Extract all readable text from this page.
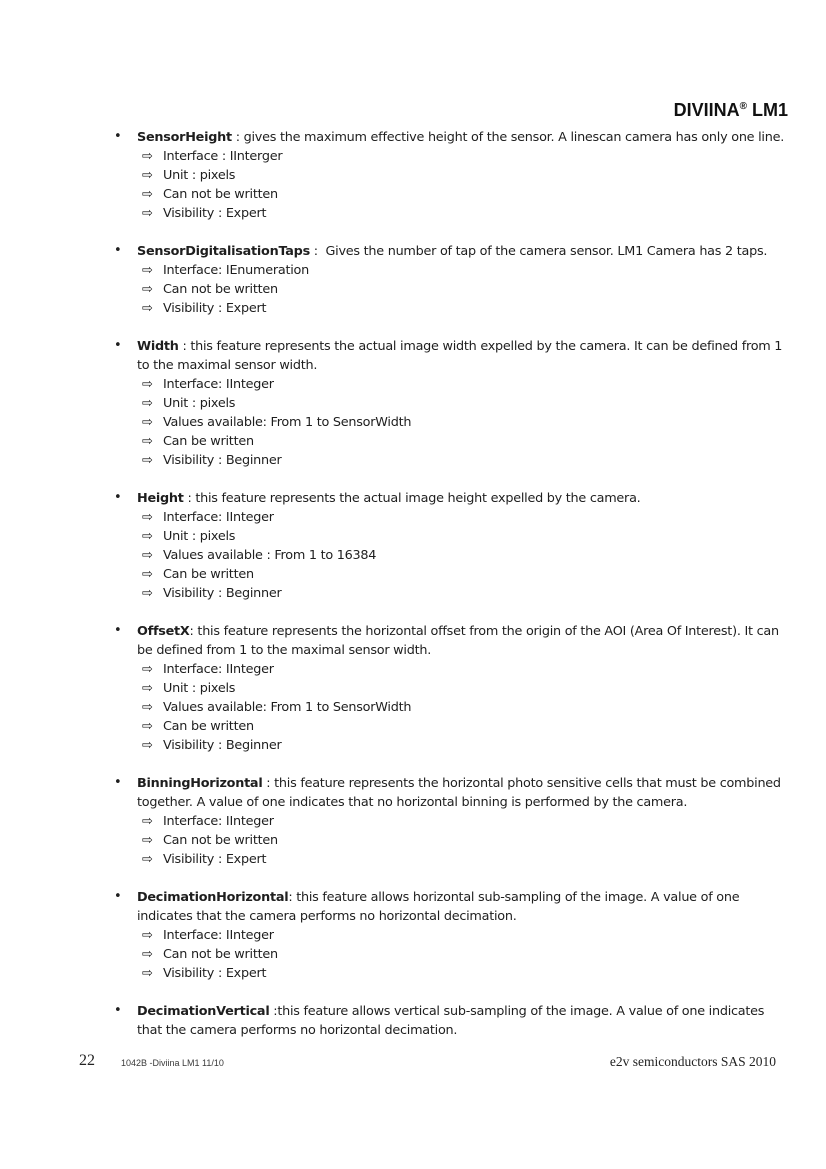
DIVIINA® LM1
• SensorHeight : gives the maximum effective height of the sensor. A linescan camera has only one line.
⇨ Interface : IInterger
⇨ Unit : pixels
⇨ Can not be written
⇨ Visibility : Expert
• SensorDigitalisationTaps :  Gives the number of tap of the camera sensor. LM1 Camera has 2 taps.
⇨ Interface: IEnumeration
⇨ Can not be written
⇨ Visibility : Expert
• Width : this feature represents the actual image width expelled by the camera. It can be defined from 1 to the maximal sensor width.
⇨ Interface: IInteger
⇨ Unit : pixels
⇨ Values available: From 1 to SensorWidth
⇨ Can be written
⇨ Visibility : Beginner
• Height : this feature represents the actual image height expelled by the camera.
⇨ Interface: IInteger
⇨ Unit : pixels
⇨ Values available : From 1 to 16384
⇨ Can be written
⇨ Visibility : Beginner
• OffsetX: this feature represents the horizontal offset from the origin of the AOI (Area Of Interest). It can be defined from 1 to the maximal sensor width.
⇨ Interface: IInteger
⇨ Unit : pixels
⇨ Values available: From 1 to SensorWidth
⇨ Can be written
⇨ Visibility : Beginner
• BinningHorizontal : this feature represents the horizontal photo sensitive cells that must be combined  together. A value of one indicates that no horizontal binning is performed by the camera.
⇨ Interface: IInteger
⇨ Can not be written
⇨ Visibility : Expert
• DecimationHorizontal: this feature allows horizontal sub-sampling of the image. A value of one indicates that the camera performs no horizontal decimation.
⇨ Interface: IInteger
⇨ Can not be written
⇨ Visibility : Expert
• DecimationVertical :this feature allows vertical sub-sampling of the image. A value of one indicates that the camera performs no horizontal decimation.
22	1042B -Diviina LM1 11/10	e2v semiconductors SAS 2010
